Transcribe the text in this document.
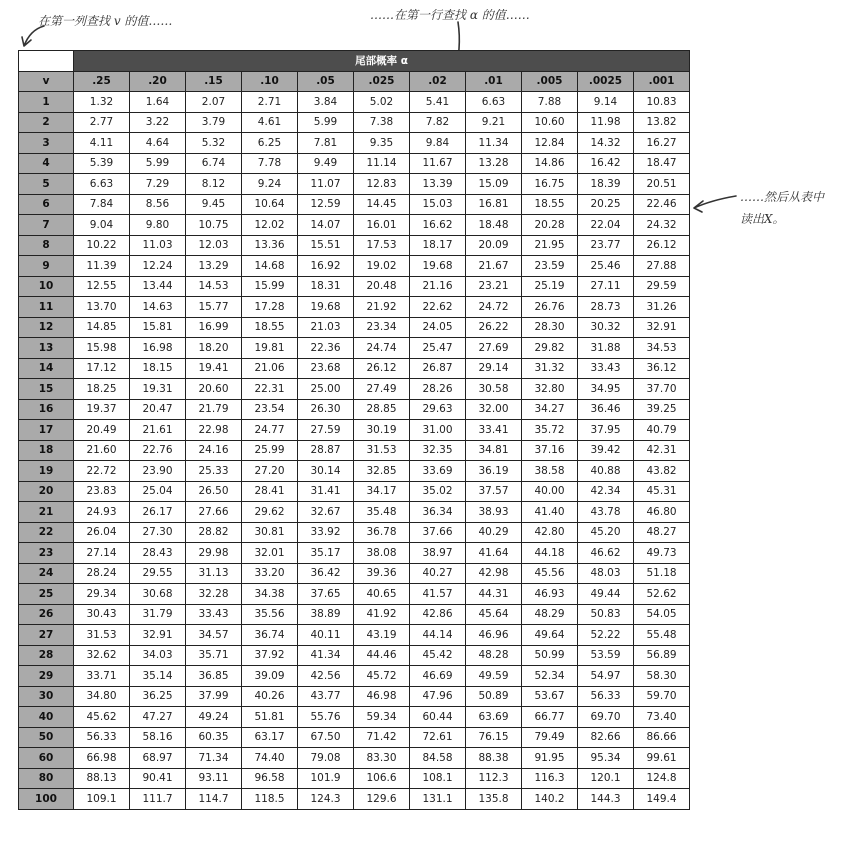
在第一列查找 v 的值……	……在第一行查找 α 的值……
……然后从表中
读出X。
	尾部概率 α										
v	.25	.20	.15	.10	.05	.025	.02	.01	.005	.0025	.001
1	1.32	1.64	2.07	2.71	3.84	5.02	5.41	6.63	7.88	9.14	10.83
2	2.77	3.22	3.79	4.61	5.99	7.38	7.82	9.21	10.60	11.98	13.82
3	4.11	4.64	5.32	6.25	7.81	9.35	9.84	11.34	12.84	14.32	16.27
4	5.39	5.99	6.74	7.78	9.49	11.14	11.67	13.28	14.86	16.42	18.47
5	6.63	7.29	8.12	9.24	11.07	12.83	13.39	15.09	16.75	18.39	20.51
6	7.84	8.56	9.45	10.64	12.59	14.45	15.03	16.81	18.55	20.25	22.46
7	9.04	9.80	10.75	12.02	14.07	16.01	16.62	18.48	20.28	22.04	24.32
8	10.22	11.03	12.03	13.36	15.51	17.53	18.17	20.09	21.95	23.77	26.12
9	11.39	12.24	13.29	14.68	16.92	19.02	19.68	21.67	23.59	25.46	27.88
10	12.55	13.44	14.53	15.99	18.31	20.48	21.16	23.21	25.19	27.11	29.59
11	13.70	14.63	15.77	17.28	19.68	21.92	22.62	24.72	26.76	28.73	31.26
12	14.85	15.81	16.99	18.55	21.03	23.34	24.05	26.22	28.30	30.32	32.91
13	15.98	16.98	18.20	19.81	22.36	24.74	25.47	27.69	29.82	31.88	34.53
14	17.12	18.15	19.41	21.06	23.68	26.12	26.87	29.14	31.32	33.43	36.12
15	18.25	19.31	20.60	22.31	25.00	27.49	28.26	30.58	32.80	34.95	37.70
16	19.37	20.47	21.79	23.54	26.30	28.85	29.63	32.00	34.27	36.46	39.25
17	20.49	21.61	22.98	24.77	27.59	30.19	31.00	33.41	35.72	37.95	40.79
18	21.60	22.76	24.16	25.99	28.87	31.53	32.35	34.81	37.16	39.42	42.31
19	22.72	23.90	25.33	27.20	30.14	32.85	33.69	36.19	38.58	40.88	43.82
20	23.83	25.04	26.50	28.41	31.41	34.17	35.02	37.57	40.00	42.34	45.31
21	24.93	26.17	27.66	29.62	32.67	35.48	36.34	38.93	41.40	43.78	46.80
22	26.04	27.30	28.82	30.81	33.92	36.78	37.66	40.29	42.80	45.20	48.27
23	27.14	28.43	29.98	32.01	35.17	38.08	38.97	41.64	44.18	46.62	49.73
24	28.24	29.55	31.13	33.20	36.42	39.36	40.27	42.98	45.56	48.03	51.18
25	29.34	30.68	32.28	34.38	37.65	40.65	41.57	44.31	46.93	49.44	52.62
26	30.43	31.79	33.43	35.56	38.89	41.92	42.86	45.64	48.29	50.83	54.05
27	31.53	32.91	34.57	36.74	40.11	43.19	44.14	46.96	49.64	52.22	55.48
28	32.62	34.03	35.71	37.92	41.34	44.46	45.42	48.28	50.99	53.59	56.89
29	33.71	35.14	36.85	39.09	42.56	45.72	46.69	49.59	52.34	54.97	58.30
30	34.80	36.25	37.99	40.26	43.77	46.98	47.96	50.89	53.67	56.33	59.70
40	45.62	47.27	49.24	51.81	55.76	59.34	60.44	63.69	66.77	69.70	73.40
50	56.33	58.16	60.35	63.17	67.50	71.42	72.61	76.15	79.49	82.66	86.66
60	66.98	68.97	71.34	74.40	79.08	83.30	84.58	88.38	91.95	95.34	99.61
80	88.13	90.41	93.11	96.58	101.9	106.6	108.1	112.3	116.3	120.1	124.8
100	109.1	111.7	114.7	118.5	124.3	129.6	131.1	135.8	140.2	144.3	149.4
